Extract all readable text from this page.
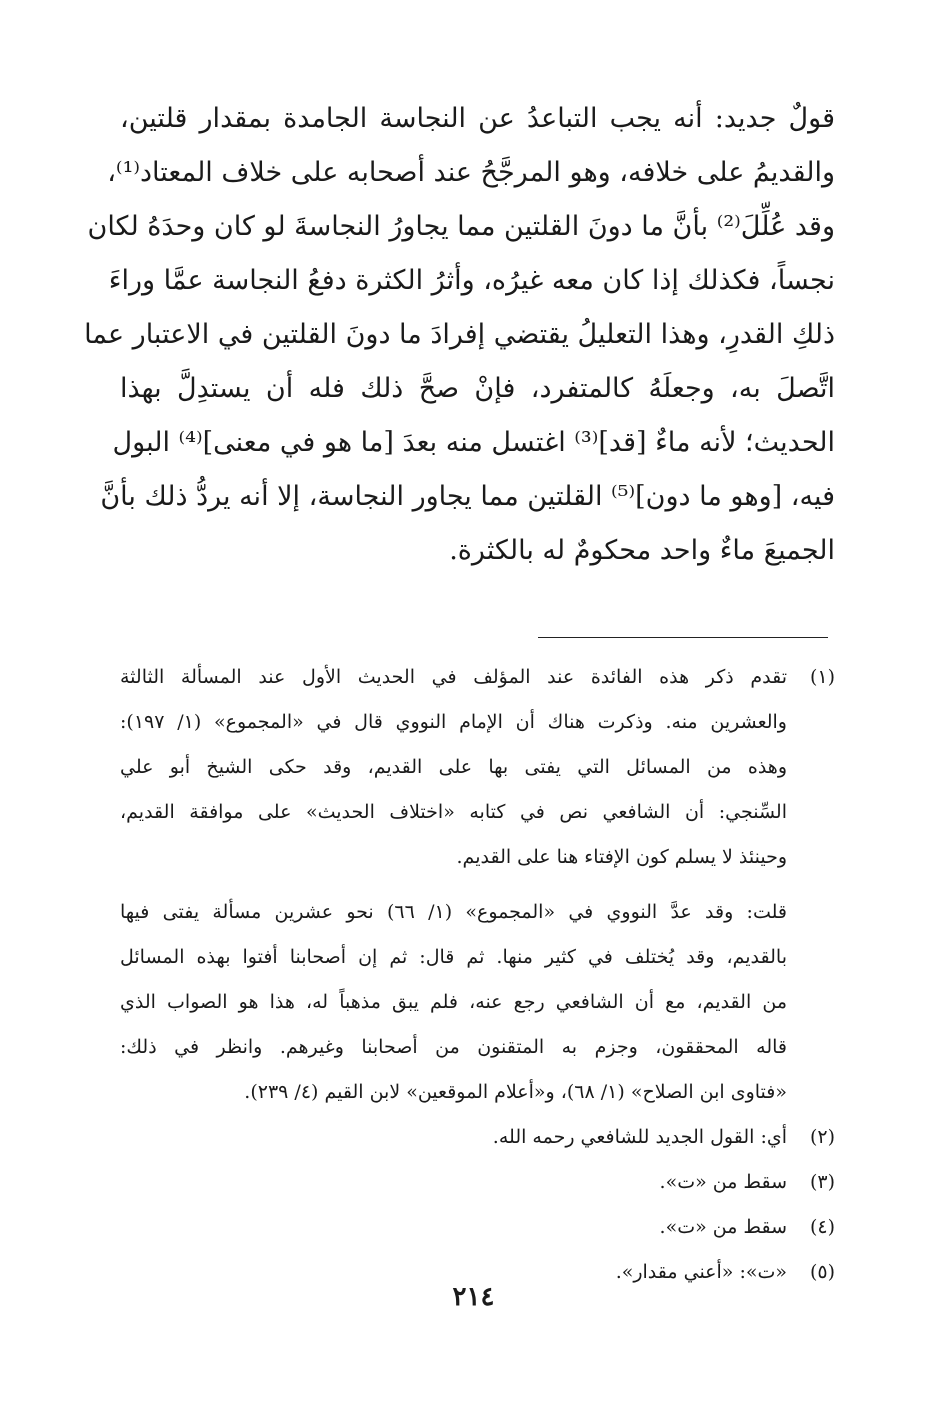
قولٌ جديد: أنه يجب التباعدُ عن النجاسة الجامدة بمقدار قلتين،
والقديمُ على خلافه، وهو المرجَّحُ عند أصحابه على خلاف المعتاد⁽¹⁾،
وقد عُلِّلَ⁽²⁾ بأنَّ ما دونَ القلتين مما يجاورُ النجاسةَ لو كان وحدَهُ لكان
نجساً، فكذلك إذا كان معه غيرُه، وأثرُ الكثرة دفعُ النجاسة عمَّا وراءَ
ذلكِ القدرِ، وهذا التعليلُ يقتضي إفرادَ ما دونَ القلتين في الاعتبار عما
اتَّصلَ به، وجعلَهُ كالمتفرد، فإنْ صحَّ ذلك فله أن يستدِلَّ بهذا
الحديث؛ لأنه ماءٌ [قد]⁽³⁾ اغتسل منه بعدَ [ما هو في معنى]⁽⁴⁾ البول
فيه، [وهو ما دون]⁽⁵⁾ القلتين مما يجاور النجاسة، إلا أنه يردُّ ذلك بأنَّ
الجميعَ ماءٌ واحد محكومٌ له بالكثرة.
(١)
تقدم ذكر هذه الفائدة عند المؤلف في الحديث الأول عند المسألة الثالثة
والعشرين منه. وذكرت هناك أن الإمام النووي قال في «المجموع» (١/ ١٩٧):
وهذه من المسائل التي يفتى بها على القديم، وقد حكى الشيخ أبو علي
السِّنجي: أن الشافعي نص في كتابه «اختلاف الحديث» على موافقة القديم،
وحينئذ لا يسلم كون الإفتاء هنا على القديم.
قلت: وقد عدَّ النووي في «المجموع» (١/ ٦٦) نحو عشرين مسألة يفتى فيها
بالقديم، وقد يُختلف في كثير منها. ثم قال: ثم إن أصحابنا أفتوا بهذه المسائل
من القديم، مع أن الشافعي رجع عنه، فلم يبق مذهباً له، هذا هو الصواب الذي
قاله المحققون، وجزم به المتقنون من أصحابنا وغيرهم. وانظر في ذلك:
«فتاوى ابن الصلاح» (١/ ٦٨)، و«أعلام الموقعين» لابن القيم (٤/ ٢٣٩).
(٢)
أي: القول الجديد للشافعي رحمه الله.
(٣)
سقط من «ت».
(٤)
سقط من «ت».
(٥)
«ت»: «أعني مقدار».
٢١٤
